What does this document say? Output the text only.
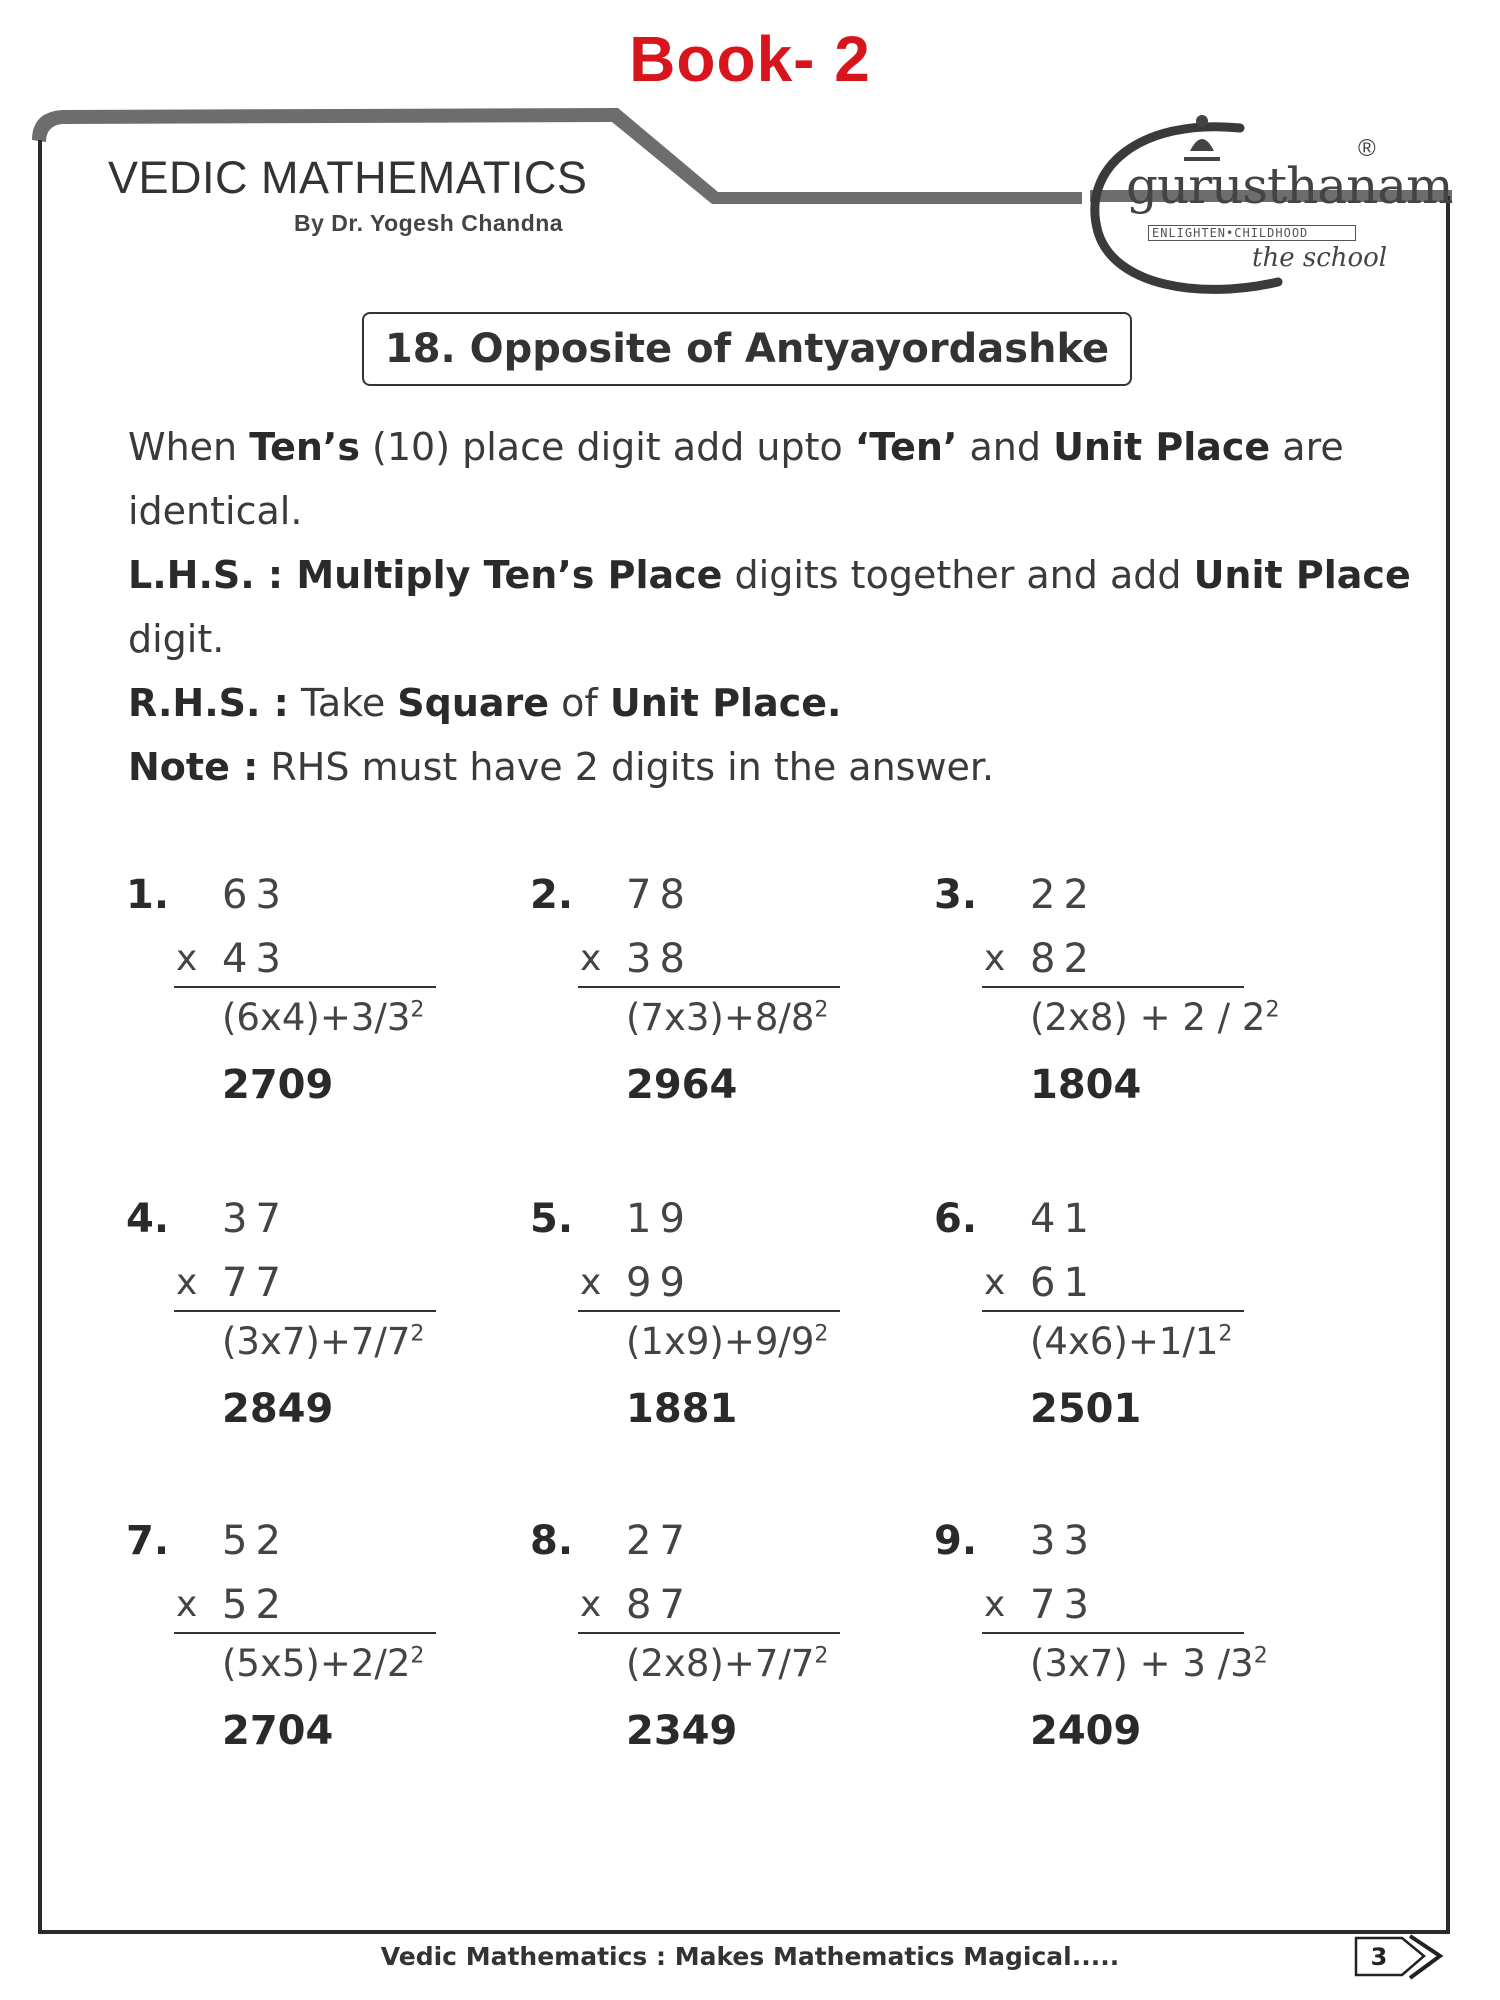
Book- 2
VEDIC MATHEMATICS
By Dr. Yogesh Chandna
gurusthanam
ENLIGHTEN•CHILDHOOD
the school
®
18. Opposite of Antyayordashke
When Ten’s (10) place digit add upto ‘Ten’ and Unit Place are
identical.
L.H.S. : Multiply Ten’s Place digits together and add Unit Place
digit.
R.H.S. : Take Square of Unit Place.
Note : RHS must have 2 digits in the answer.
1. 63
x 43
$(6x4)+3/3^2$
2709
2. 78
x 38
$(7x3)+8/8^2$
2964
3. 22
x 82
$(2x8) + 2 / 2^2$
1804
4. 37
x 77
$(3x7)+7/7^2$
2849
5. 19
x 99
$(1x9)+9/9^2$
1881
6. 41
x 61
$(4x6)+1/1^2$
2501
7. 52
x 52
$(5x5)+2/2^2$
2704
8. 27
x 87
$(2x8)+7/7^2$
2349
9. 33
x 73
(3x7) + 3 $/3^2$
2409
Vedic Mathematics : Makes Mathematics Magical.....	3
